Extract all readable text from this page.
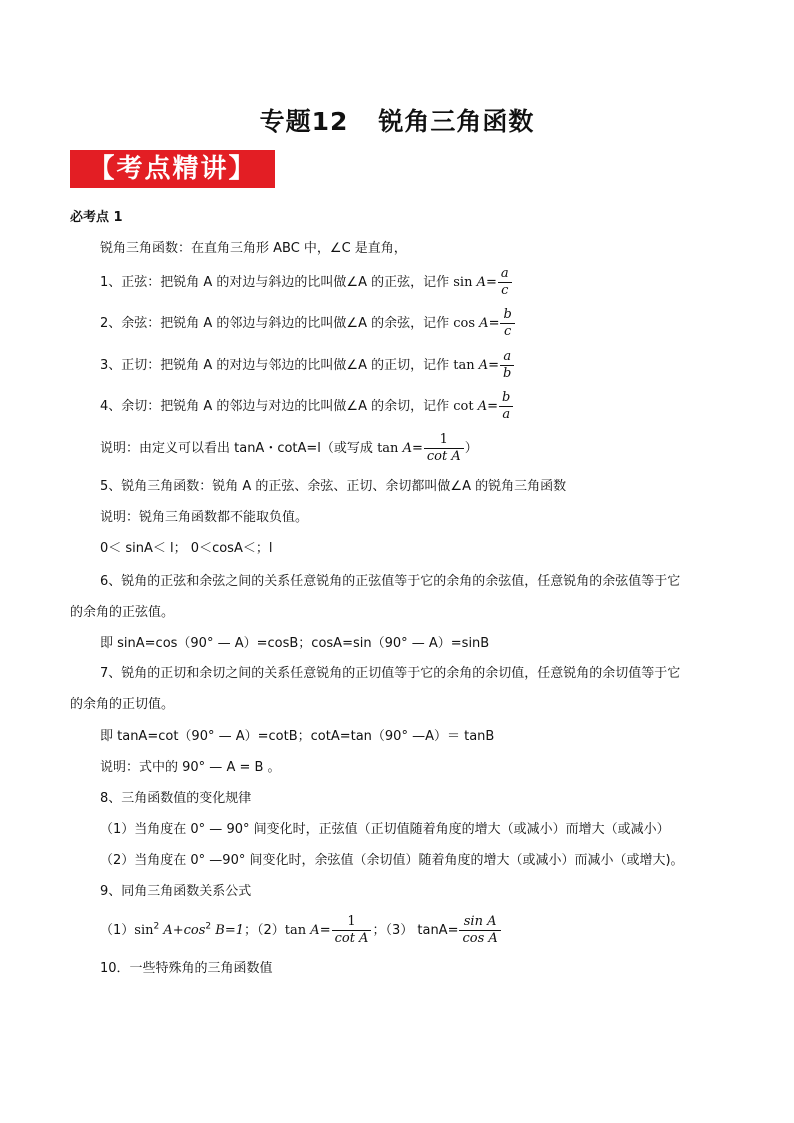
专题12 锐角三角函数
【考点精讲】
必考点 1
锐角三角函数：在直角三角形 ABC 中，∠C 是直角，
1、正弦：把锐角 A 的对边与斜边的比叫做∠A 的正弦，记作 $\sin A= \frac{a}{c}$
2、余弦：把锐角 A 的邻边与斜边的比叫做∠A 的余弦，记作 $\cos A= \frac{b}{c}$
3、正切：把锐角 A 的对边与邻边的比叫做∠A 的正切，记作 $\tan A= \frac{a}{b}$
4、余切：把锐角 A 的邻边与对边的比叫做∠A 的余切，记作 $\cot A= \frac{b}{a}$
说明：由定义可以看出 tanA・cotA=l（或写成 $\tan A= \frac{1}{\text{cot A}}$ ）
5、锐角三角函数：锐角 A 的正弦、余弦、正切、余切都叫做∠A 的锐角三角函数
说明：锐角三角函数都不能取负值。
0＜ sinA＜ l； 0＜cosA＜；l
6、锐角的正弦和余弦之间的关系任意锐角的正弦值等于它的余角的余弦值，任意锐角的余弦值等于它
的余角的正弦值。
即 sinA=cos（90° — A）=cosB；cosA=sin（90° — A）=sinB
7、锐角的正切和余切之间的关系任意锐角的正切值等于它的余角的余切值，任意锐角的余切值等于它
的余角的正切值。
即 tanA=cot（90° — A）=cotB；cotA=tan（90° —A）＝ tanB
说明：式中的 90° — A = B 。
8、三角函数值的变化规律
（1）当角度在 0° — 90° 间变化时，正弦值（正切值随着角度的增大（或减小）而增大（或减小）
（2）当角度在 0° —90° 间变化时，余弦值（余切值）随着角度的增大（或减小）而减小（或增大)。
9、同角三角函数关系公式
$(1)\sin^2$ $A+\cos^2$ B=1；（2）tan $A= \frac{1}{\text{cot A}}$ ；（3） $\tan A= \frac{\text{sin A}}{\text{cos A}}$
10．一些特殊角的三角函数值
